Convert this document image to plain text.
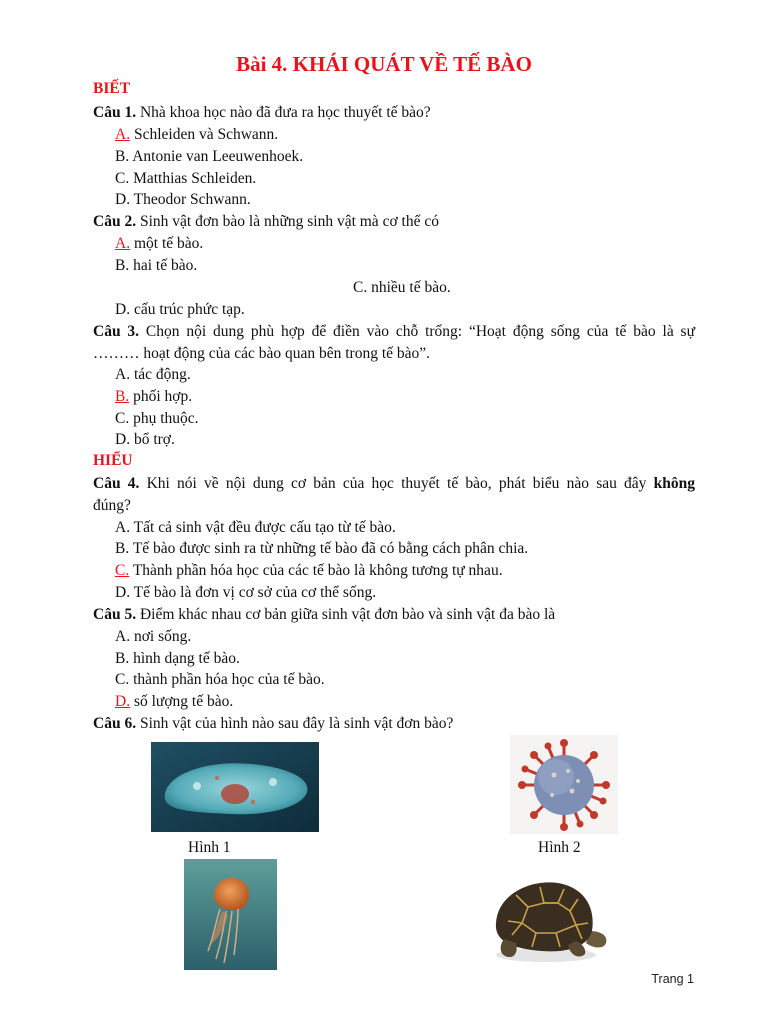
Bài 4. KHÁI QUÁT VỀ TẾ BÀO
BIẾT
Câu 1. Nhà khoa học nào đã đưa ra học thuyết tế bào?
A. Schleiden và Schwann.
B. Antonie van Leeuwenhoek.
C. Matthias Schleiden.
D. Theodor Schwann.
Câu 2. Sinh vật đơn bào là những sinh vật mà cơ thể có
A. một tế bào.
B. hai tế bào.
C. nhiều tế bào.
D. cấu trúc phức tạp.
Câu 3. Chọn nội dung phù hợp để điền vào chỗ trống: “Hoạt động sống của tế bào là sự
……… hoạt động của các bào quan bên trong tế bào”.
A. tác động.
B. phối hợp.
C. phụ thuộc.
D. bổ trợ.
HIỂU
Câu 4. Khi nói về nội dung cơ bản của học thuyết tế bào, phát biểu nào sau đây không
đúng?
A. Tất cả sinh vật đều được cấu tạo từ tế bào.
B. Tế bào được sinh ra từ những tế bào đã có bằng cách phân chia.
C. Thành phần hóa học của các tế bào là không tương tự nhau.
D. Tế bào là đơn vị cơ sở của cơ thể sống.
Câu 5. Điểm khác nhau cơ bản giữa sinh vật đơn bào và sinh vật đa bào là
A. nơi sống.
B. hình dạng tế bào.
C. thành phần hóa học của tế bào.
D. số lượng tế bào.
Câu 6. Sinh vật của hình nào sau đây là sinh vật đơn bào?
Hình 1	Hình 2
Trang 1
